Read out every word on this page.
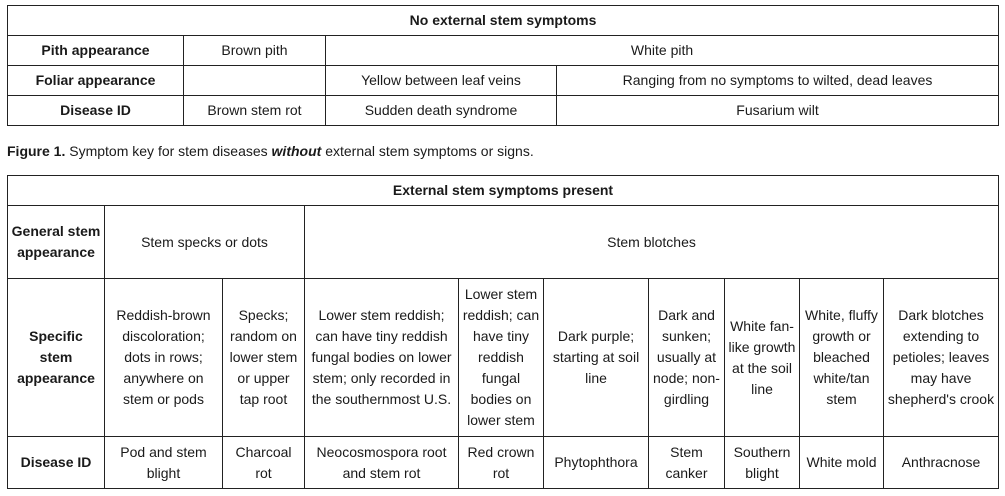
No external stem symptoms			
Pith appearance	Brown pith	White pith	
Foliar appearance		Yellow between leaf veins	Ranging from no symptoms to wilted, dead leaves
Disease ID	Brown stem rot	Sudden death syndrome	Fusarium wilt
Figure 1. Symptom key for stem diseases without external stem symptoms or signs.
External stem symptoms present									
General stem appearance	Stem specks or dots		Stem blotches						
Specific stem appearance	Reddish-brown discoloration; dots in rows; anywhere on stem or pods	Specks; random on lower stem or upper tap root	Lower stem reddish; can have tiny reddish fungal bodies on lower stem; only recorded in the southernmost U.S.	Lower stem reddish; can have tiny reddish fungal bodies on lower stem	Dark purple; starting at soil line	Dark and sunken; usually at node; non-girdling	White fan-like growth at the soil line	White, fluffy growth or bleached white/tan stem	Dark blotches extending to petioles; leaves may have shepherd's crook
Disease ID	Pod and stem blight	Charcoal rot	Neocosmospora root and stem rot	Red crown rot	Phytophthora	Stem canker	Southern blight	White mold	Anthracnose
